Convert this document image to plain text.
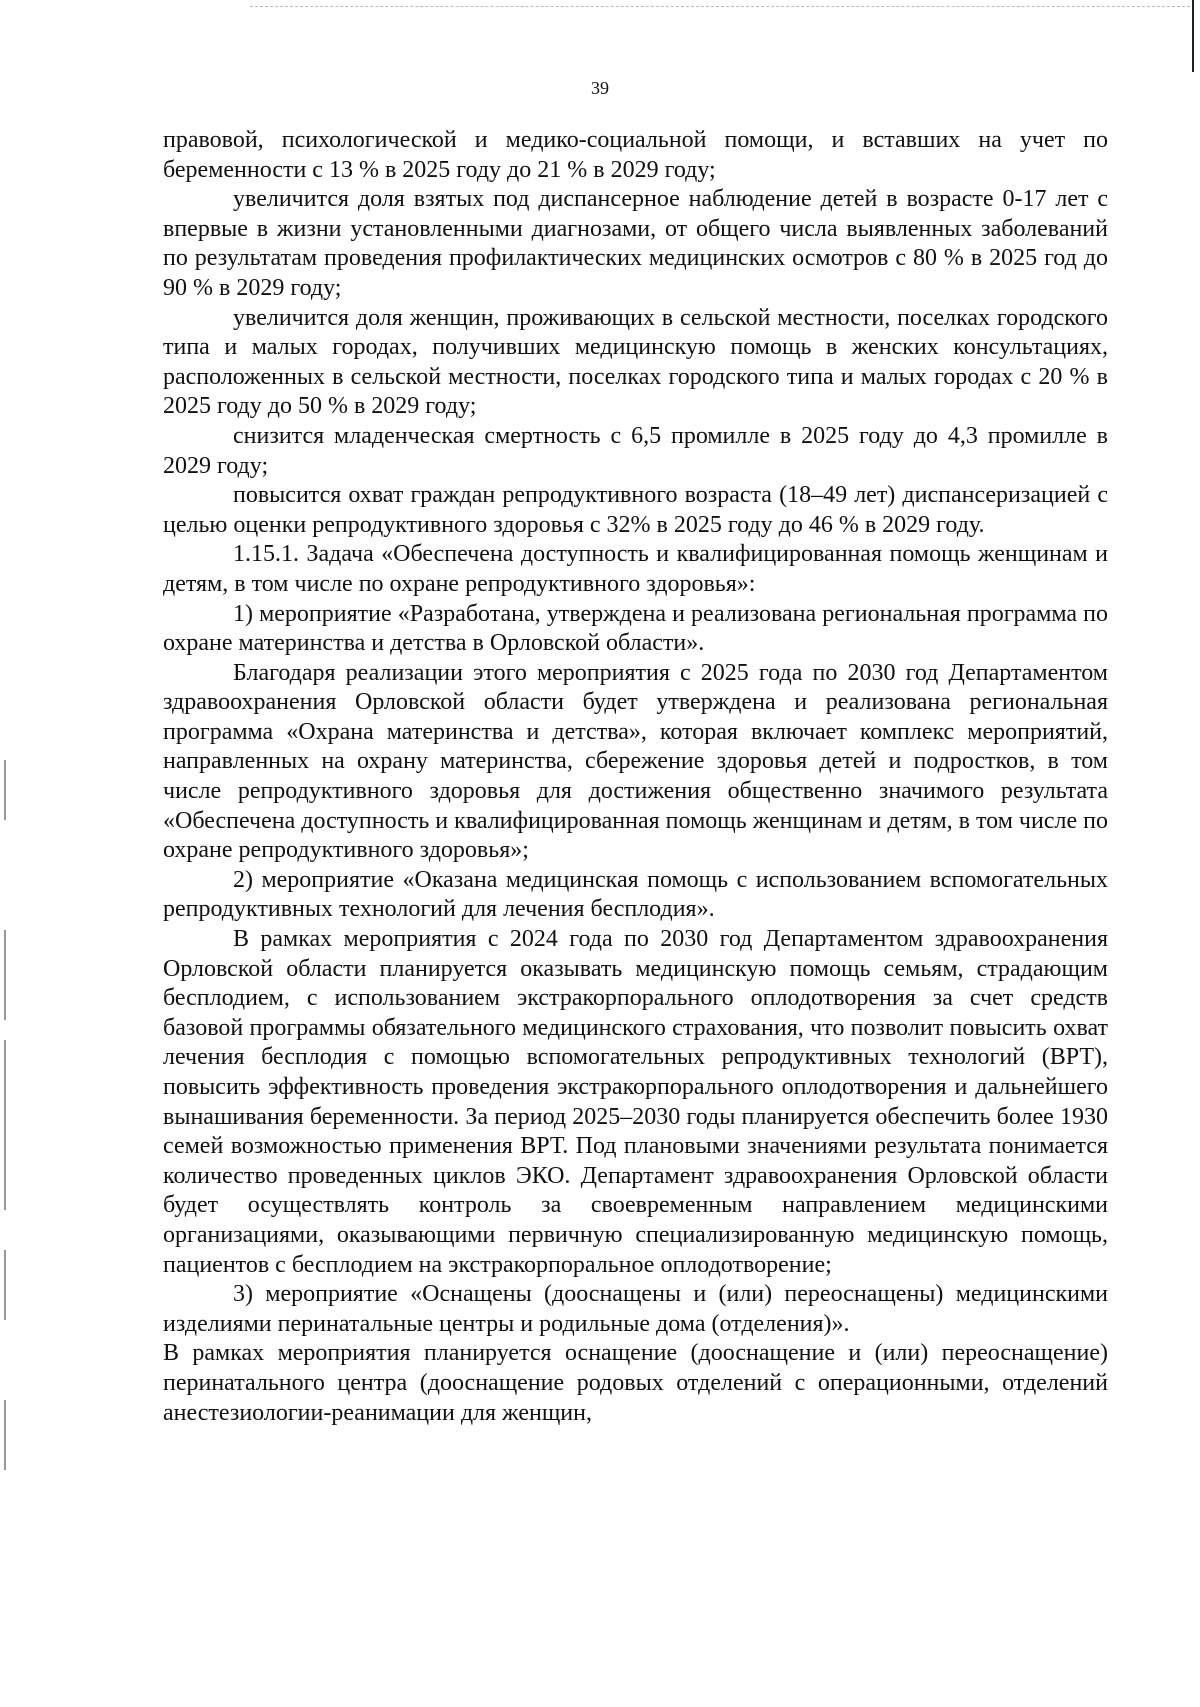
39

правовой, психологической и медико-социальной помощи, и вставших на учет по беременности с 13 % в 2025 году до 21 % в 2029 году;

увеличится доля взятых под диспансерное наблюдение детей в возрасте 0-17 лет с впервые в жизни установленными диагнозами, от общего числа выявленных заболеваний по результатам проведения профилактических медицинских осмотров с 80 % в 2025 год до 90 % в 2029 году;

увеличится доля женщин, проживающих в сельской местности, поселках городского типа и малых городах, получивших медицинскую помощь в женских консультациях, расположенных в сельской местности, поселках городского типа и малых городах с 20 % в 2025 году до 50 % в 2029 году;

снизится младенческая смертность с 6,5 промилле в 2025 году до 4,3 промилле в 2029 году;

повысится охват граждан репродуктивного возраста (18–49 лет) диспансеризацией с целью оценки репродуктивного здоровья с 32% в 2025 году до 46 % в 2029 году.

1.15.1. Задача «Обеспечена доступность и квалифицированная помощь женщинам и детям, в том числе по охране репродуктивного здоровья»:

1) мероприятие «Разработана, утверждена и реализована региональная программа по охране материнства и детства в Орловской области».

Благодаря реализации этого мероприятия с 2025 года по 2030 год Департаментом здравоохранения Орловской области будет утверждена и реализована региональная программа «Охрана материнства и детства», которая включает комплекс мероприятий, направленных на охрану материнства, сбережение здоровья детей и подростков, в том числе репродуктивного здоровья для достижения общественно значимого результата «Обеспечена доступность и квалифицированная помощь женщинам и детям, в том числе по охране репродуктивного здоровья»;

2) мероприятие «Оказана медицинская помощь с использованием вспомогательных репродуктивных технологий для лечения бесплодия».

В рамках мероприятия с 2024 года по 2030 год Департаментом здравоохранения Орловской области планируется оказывать медицинскую помощь семьям, страдающим бесплодием, с использованием экстракорпорального оплодотворения за счет средств базовой программы обязательного медицинского страхования, что позволит повысить охват лечения бесплодия с помощью вспомогательных репродуктивных технологий (ВРТ), повысить эффективность проведения экстракорпорального оплодотворения и дальнейшего вынашивания беременности. За период 2025–2030 годы планируется обеспечить более 1930 семей возможностью применения ВРТ. Под плановыми значениями результата понимается количество проведенных циклов ЭКО. Департамент здравоохранения Орловской области будет осуществлять контроль за своевременным направлением медицинскими организациями, оказывающими первичную специализированную медицинскую помощь, пациентов с бесплодием на экстракорпоральное оплодотворение;

3) мероприятие «Оснащены (дооснащены и (или) переоснащены) медицинскими изделиями перинатальные центры и родильные дома (отделения)».

В рамках мероприятия планируется оснащение (дооснащение и (или) переоснащение) перинатального центра (дооснащение родовых отделений с операционными, отделений анестезиологии-реанимации для женщин,
